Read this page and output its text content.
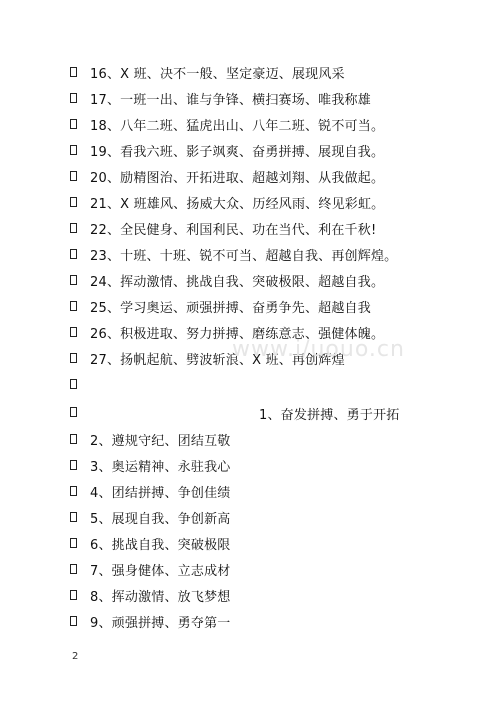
16、X 班、决不一般、坚定豪迈、展现风采
17、一班一出、谁与争锋、横扫赛场、唯我称雄
18、八年二班、猛虎出山、八年二班、锐不可当。
19、看我六班、影子飒爽、奋勇拼搏、展现自我。
20、励精图治、开拓进取、超越刘翔、从我做起。
21、X 班雄风、扬威大众、历经风雨、终见彩虹。
22、全民健身、利国利民、功在当代、利在千秋!
23、十班、十班、锐不可当、超越自我、再创辉煌。
24、挥动激情、挑战自我、突破极限、超越自我。
25、学习奥运、顽强拼搏、奋勇争先、超越自我
26、积极进取、努力拼搏、磨练意志、强健体魄。
27、扬帆起航、劈波斩浪、X 班、再创辉煌
www.i/uouo.cn
1、奋发拼搏、勇于开拓
2、遵规守纪、团结互敬
3、奥运精神、永驻我心
4、团结拼搏、争创佳绩
5、展现自我、争创新高
6、挑战自我、突破极限
7、强身健体、立志成材
8、挥动激情、放飞梦想
9、顽强拼搏、勇夺第一
2
